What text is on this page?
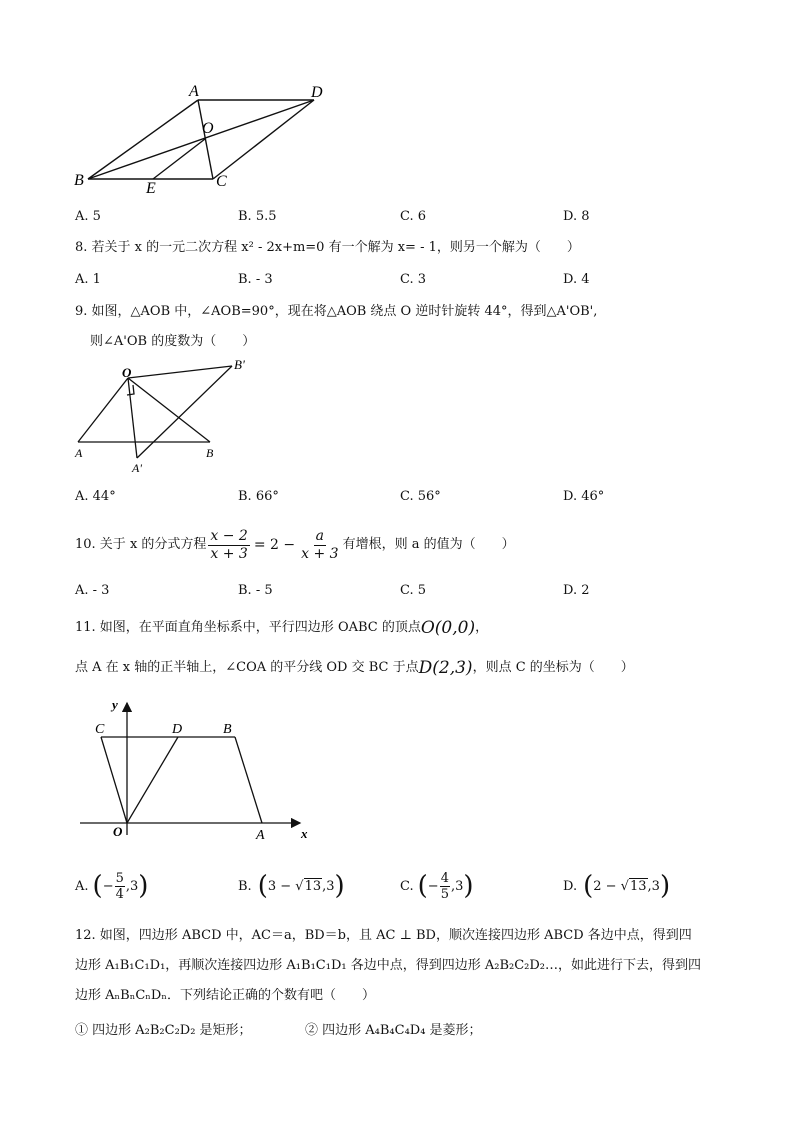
A	D
O
B	E	C
A. 5	B. 5.5	C. 6	D. 8
8. 若关于 x 的一元二次方程 x² - 2x+m=0 有一个解为 x= - 1，则另一个解为（　　）
A. 1	B. - 3	C. 3	D. 4
9. 如图，△AOB 中，∠AOB=90°，现在将△AOB 绕点 O 逆时针旋转 44°，得到△A'OB',
则∠A'OB 的度数为（　　）
O
B'
A	B
A'
A. 44°	B. 66°	C. 56°	D. 46°
10. 关于 x 的分式方程 $\frac{x - 2}{x + 3} = 2 - \frac{a}{x + 3}$ 有增根，则 a 的值为（　　）
A. - 3	B. - 5	C. 5	D. 2
11. 如图，在平面直角坐标系中，平行四边形 OABC 的顶点 O(0,0) ，
点 A 在 x 轴的正半轴上，∠COA 的平分线 OD 交 BC 于点 D(2,3) ，则点 C 的坐标为（　　）
y
C	D	B
O	A	x
A. ( − $\frac{5}{4}$ , 3 )	B. ( 3 − √ 13 , 3 )	C. ( − $\frac{4}{5}$ , 3 )	D. ( 2 − √ 13 , 3 )
12. 如图，四边形 ABCD 中，AC＝a，BD＝b，且 AC ⊥ BD，顺次连接四边形 ABCD 各边中点，得到四
边形 A₁B₁C₁D₁，再顺次连接四边形 A₁B₁C₁D₁ 各边中点，得到四边形 A₂B₂C₂D₂…，如此进行下去，得到四
边形 AₙBₙCₙDₙ．下列结论正确的个数有吧（　　）
① 四边形 A₂B₂C₂D₂ 是矩形；	② 四边形 A₄B₄C₄D₄ 是菱形；
